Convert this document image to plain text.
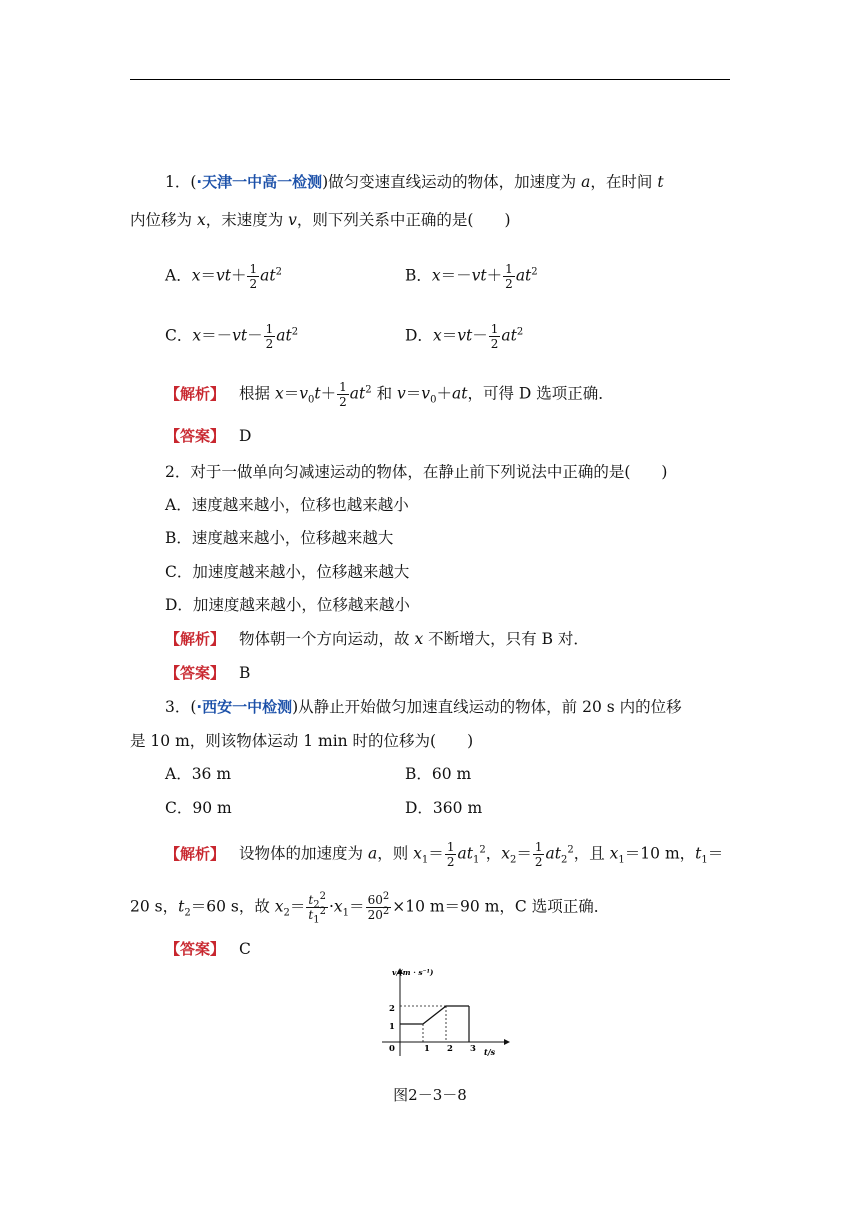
1．(·天津一中高一检测)做匀变速直线运动的物体，加速度为 a，在时间 t
内位移为 x，末速度为 v，则下列关系中正确的是(　　)
A．$x=vt+ \frac{1}{2} at^2$	B．$x=-vt+ \frac{1}{2} at^2$
C．$x=-vt- \frac{1}{2} at^2$	D．$x=vt- \frac{1}{2} at^2$
【解析】 根据 $x=v_0t+ \frac{1}{2} at^2$ 和 $v=v_0+at$，可得 D 选项正确．
【答案】 D
2．对于一做单向匀减速运动的物体，在静止前下列说法中正确的是(　　)
A．速度越来越小，位移也越来越小
B．速度越来越小，位移越来越大
C．加速度越来越小，位移越来越大
D．加速度越来越小，位移越来越小
【解析】 物体朝一个方向运动，故 x 不断增大，只有 B 对．
【答案】 B
3．(·西安一中检测)从静止开始做匀加速直线运动的物体，前 20 s 内的位移
是 10 m，则该物体运动 1 min 时的位移为(　　)
A．36 m	B．60 m
C．90 m	D．360 m
【解析】 设物体的加速度为 a，则 $x_1= \frac{1}{2} at_1^2$，$x_2= \frac{1}{2} at_2^2$，且 $x_1=10$ m，$t_1=$
20 s，$t_2=60$ s，故 $x_2= \frac{t_2^2}{t_1^2} \cdot x_1= \frac{60^2}{20^2} \times 10$ m＝90 m，C 选项正确．
【答案】 C
v/(m · s⁻¹)
t/s
0	1 2 3
1
2
图2－3－8
